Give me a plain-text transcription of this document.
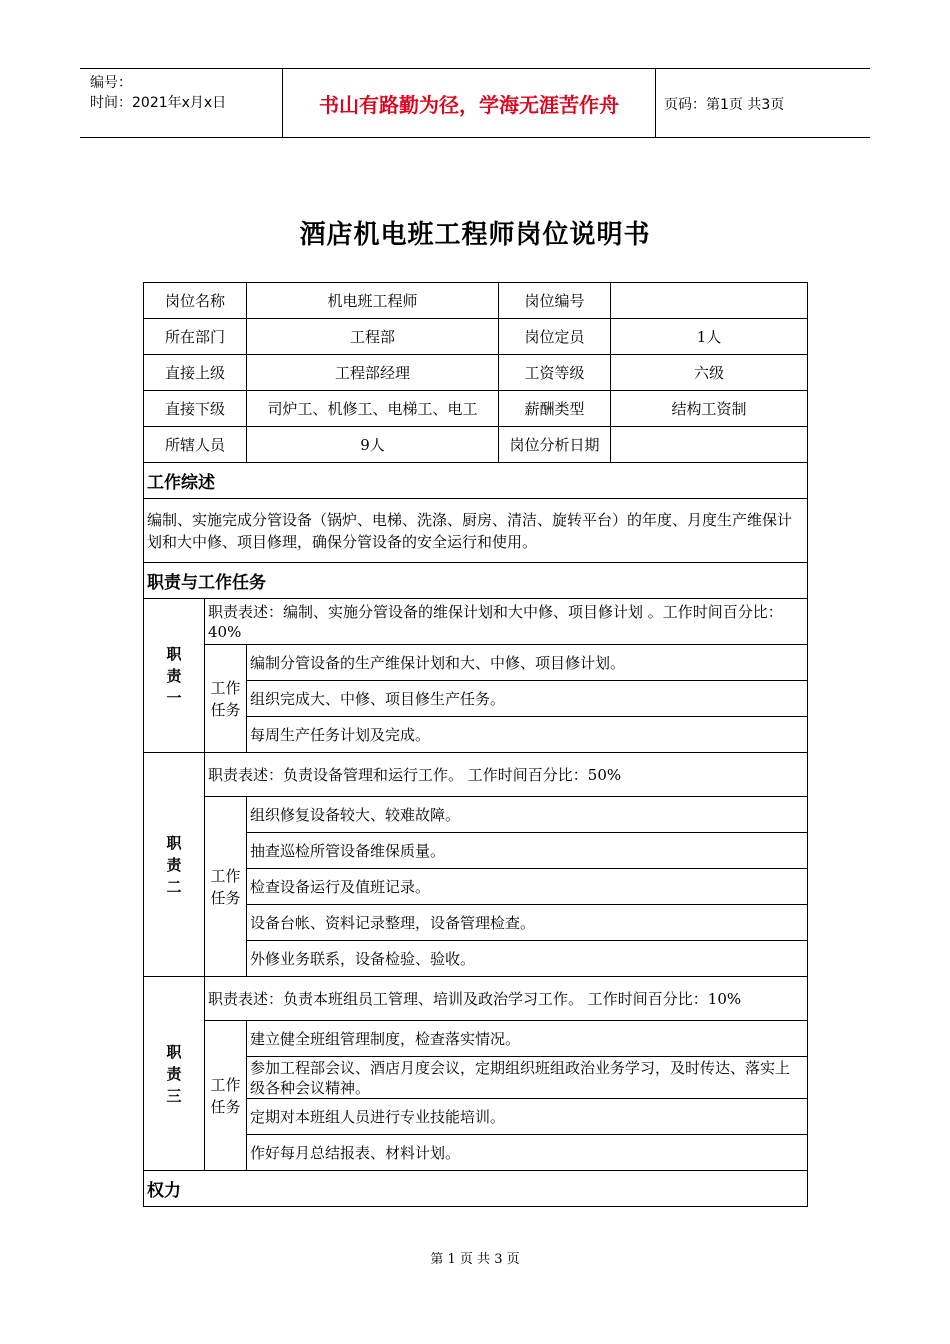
编号：
时间：2021年x月x日	书山有路勤为径，学海无涯苦作舟	页码：第1页 共3页
酒店机电班工程师岗位说明书
岗位名称		机电班工程师	岗位编号	
所在部门		工程部	岗位定员	1人
直接上级		工程部经理	工资等级	六级
直接下级		司炉工、机修工、电梯工、电工	薪酬类型	结构工资制
所辖人员		9人	岗位分析日期	
工作综述				
编制、实施完成分管设备（锅炉、电梯、洗涤、厨房、清洁、旋转平台）的年度、月度生产维保计划和大中修、项目修理，确保分管设备的安全运行和使用。				
职责与工作任务				

职
责
一	职责表述：编制、实施分管设备的维保计划和大中修、项目修计划 。工作时间百分比：40%			

	工作
任务	编制分管设备的生产维保计划和大、中修、项目修计划。		
		组织完成大、中修、项目修生产任务。		
		每周生产任务计划及完成。		

职
责
二	职责表述：负责设备管理和运行工作。 工作时间百分比：50%			

	工作
任务	组织修复设备较大、较难故障。		
		抽查巡检所管设备维保质量。		
		检查设备运行及值班记录。		
		设备台帐、资料记录整理，设备管理检查。		
		外修业务联系，设备检验、验收。		

职
责
三	职责表述：负责本班组员工管理、培训及政治学习工作。 工作时间百分比：10%			

	工作
任务	建立健全班组管理制度，检查落实情况。		
		参加工程部会议、酒店月度会议，定期组织班组政治业务学习，及时传达、落实上级各种会议精神。		
		定期对本班组人员进行专业技能培训。		
		作好每月总结报表、材料计划。		
权力				
第 1 页 共 3 页
